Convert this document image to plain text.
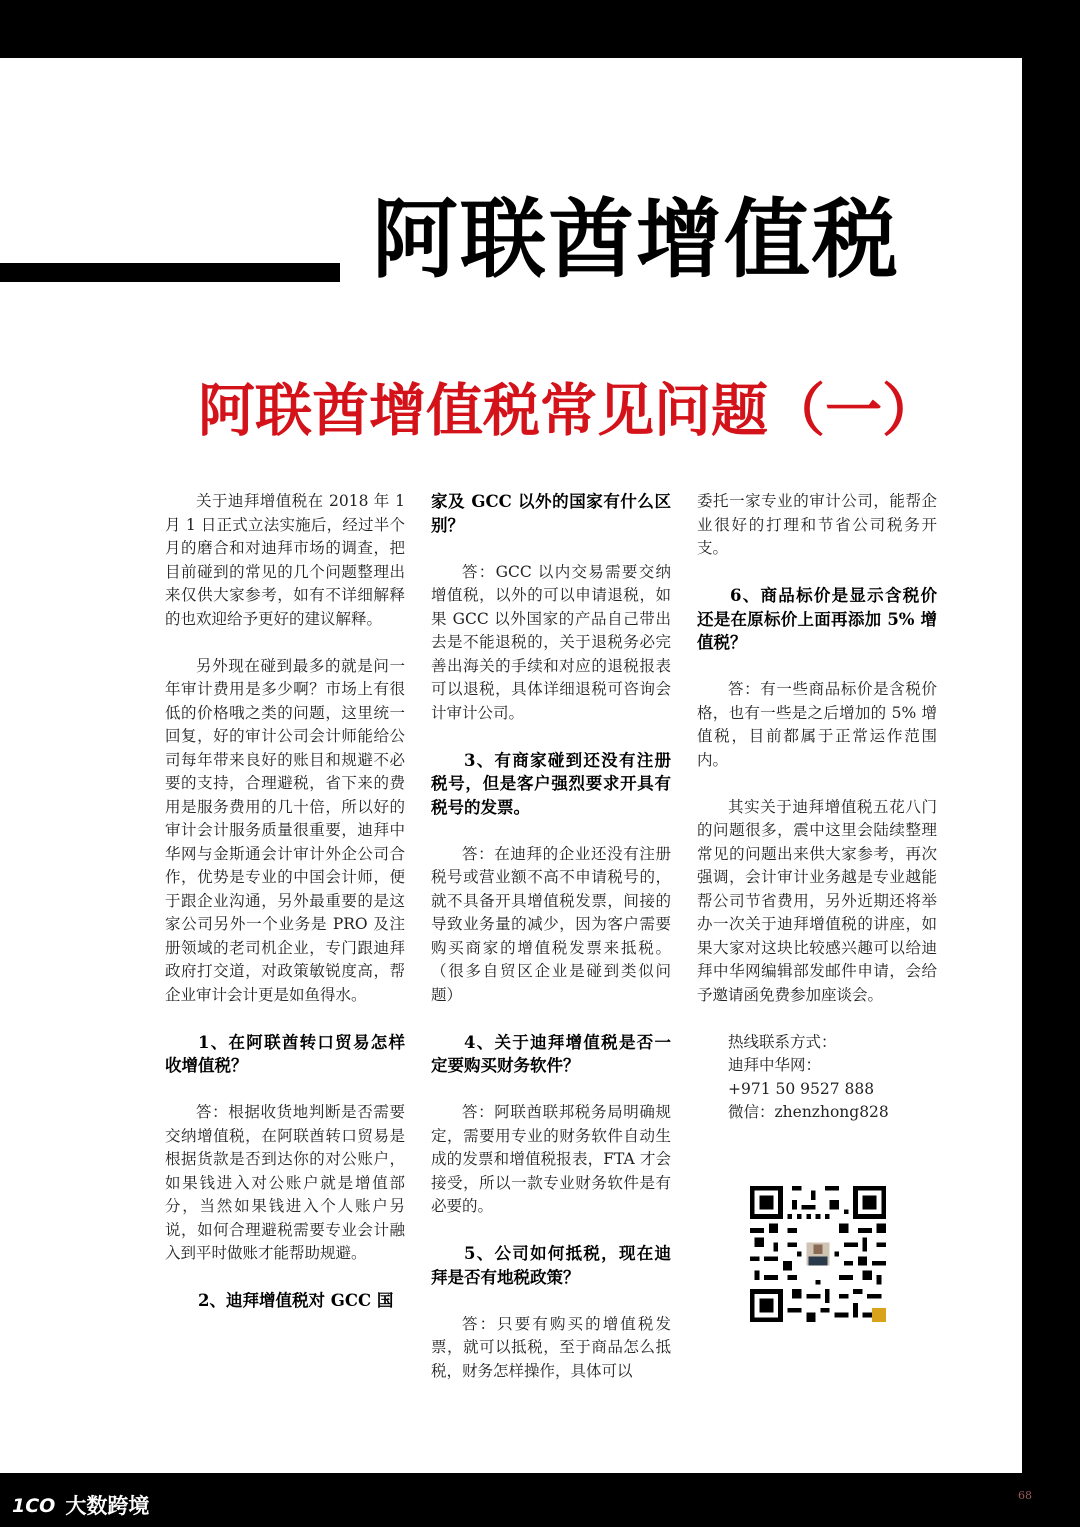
阿联酋增值税
阿联酋增值税常见问题（一）

关于迪拜增值税在 2018 年 1 月 1 日正式立法实施后，经过半个月的磨合和对迪拜市场的调查，把目前碰到的常见的几个问题整理出来仅供大家参考，如有不详细解释的也欢迎给予更好的建议解释。

另外现在碰到最多的就是问一年审计费用是多少啊？市场上有很低的价格哦之类的问题，这里统一回复，好的审计公司会计师能给公司每年带来良好的账目和规避不必要的支持，合理避税，省下来的费用是服务费用的几十倍，所以好的审计会计服务质量很重要，迪拜中华网与金斯通会计审计外企公司合作，优势是专业的中国会计师，便于跟企业沟通，另外最重要的是这家公司另外一个业务是 PRO 及注册领域的老司机企业，专门跟迪拜政府打交道，对政策敏锐度高，帮企业审计会计更是如鱼得水。

1、在阿联酋转口贸易怎样收增值税？

答：根据收货地判断是否需要交纳增值税，在阿联酋转口贸易是根据货款是否到达你的对公账户，如果钱进入对公账户就是增值部分，当然如果钱进入个人账户另说，如何合理避税需要专业会计融入到平时做账才能帮助规避。

2、迪拜增值税对 GCC 国

家及 GCC 以外的国家有什么区别？

答：GCC 以内交易需要交纳增值税，以外的可以申请退税，如果 GCC 以外国家的产品自己带出去是不能退税的，关于退税务必完善出海关的手续和对应的退税报表可以退税，具体详细退税可咨询会计审计公司。

3、有商家碰到还没有注册税号，但是客户强烈要求开具有税号的发票。

答：在迪拜的企业还没有注册税号或营业额不高不申请税号的，就不具备开具增值税发票，间接的导致业务量的减少，因为客户需要购买商家的增值税发票来抵税。（很多自贸区企业是碰到类似问题）

4、关于迪拜增值税是否一定要购买财务软件？

答：阿联酋联邦税务局明确规定，需要用专业的财务软件自动生成的发票和增值税报表，FTA 才会接受，所以一款专业财务软件是有必要的。

5、公司如何抵税，现在迪拜是否有地税政策？

答：只要有购买的增值税发票，就可以抵税，至于商品怎么抵税，财务怎样操作，具体可以

委托一家专业的审计公司，能帮企业很好的打理和节省公司税务开支。

6、商品标价是显示含税价还是在原标价上面再添加 5% 增值税？

答：有一些商品标价是含税价格，也有一些是之后增加的 5% 增值税，目前都属于正常运作范围内。

其实关于迪拜增值税五花八门的问题很多，震中这里会陆续整理常见的问题出来供大家参考，再次强调，会计审计业务越是专业越能帮公司节省费用，另外近期还将举办一次关于迪拜增值税的讲座，如果大家对这块比较感兴趣可以给迪拜中华网编辑部发邮件申请，会给予邀请函免费参加座谈会。

热线联系方式：

迪拜中华网：

+971 50 9527 888

微信：zhenzhong828

68
1CO 大数跨境
